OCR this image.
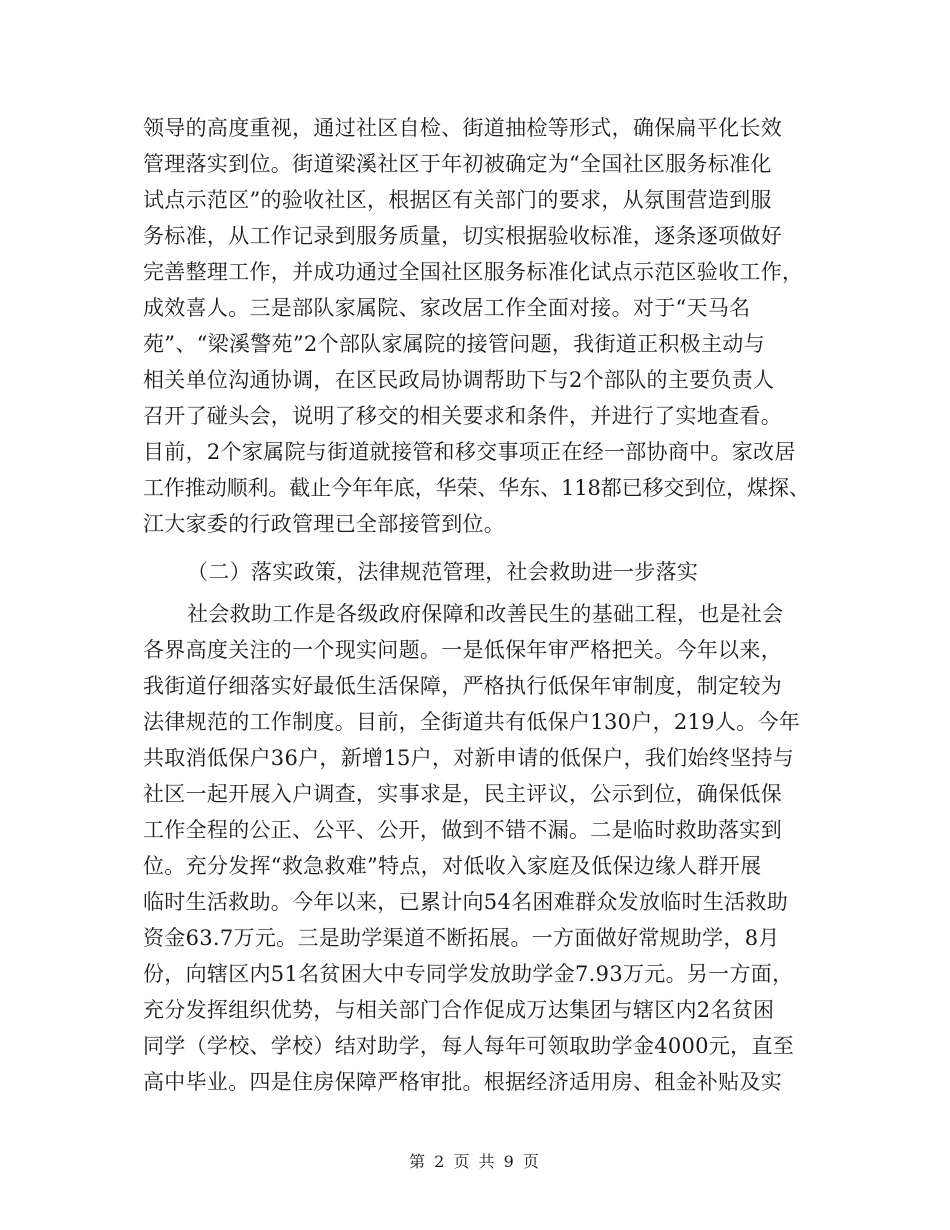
领导的高度重视，通过社区自检、街道抽检等形式，确保扁平化长效
管理落实到位。街道梁溪社区于年初被确定为“全国社区服务标准化
试点示范区”的验收社区，根据区有关部门的要求，从氛围营造到服
务标准，从工作记录到服务质量，切实根据验收标准，逐条逐项做好
完善整理工作，并成功通过全国社区服务标准化试点示范区验收工作，
成效喜人。三是部队家属院、家改居工作全面对接。对于“天马名
苑”、“梁溪警苑”2个部队家属院的接管问题，我街道正积极主动与
相关单位沟通协调，在区民政局协调帮助下与2个部队的主要负责人
召开了碰头会，说明了移交的相关要求和条件，并进行了实地查看。
目前，2个家属院与街道就接管和移交事项正在经一部协商中。家改居
工作推动顺利。截止今年年底，华荣、华东、118都已移交到位，煤探、
江大家委的行政管理已全部接管到位。
（二）落实政策，法律规范管理，社会救助进一步落实
社会救助工作是各级政府保障和改善民生的基础工程，也是社会
各界高度关注的一个现实问题。一是低保年审严格把关。今年以来，
我街道仔细落实好最低生活保障，严格执行低保年审制度，制定较为
法律规范的工作制度。目前，全街道共有低保户130户，219人。今年
共取消低保户36户，新增15户，对新申请的低保户，我们始终坚持与
社区一起开展入户调查，实事求是，民主评议，公示到位，确保低保
工作全程的公正、公平、公开，做到不错不漏。二是临时救助落实到
位。充分发挥“救急救难”特点，对低收入家庭及低保边缘人群开展
临时生活救助。今年以来，已累计向54名困难群众发放临时生活救助
资金63.7万元。三是助学渠道不断拓展。一方面做好常规助学，8月
份，向辖区内51名贫困大中专同学发放助学金7.93万元。另一方面，
充分发挥组织优势，与相关部门合作促成万达集团与辖区内2名贫困
同学（学校、学校）结对助学，每人每年可领取助学金4000元，直至
高中毕业。四是住房保障严格审批。根据经济适用房、租金补贴及实
第 2 页 共 9 页
